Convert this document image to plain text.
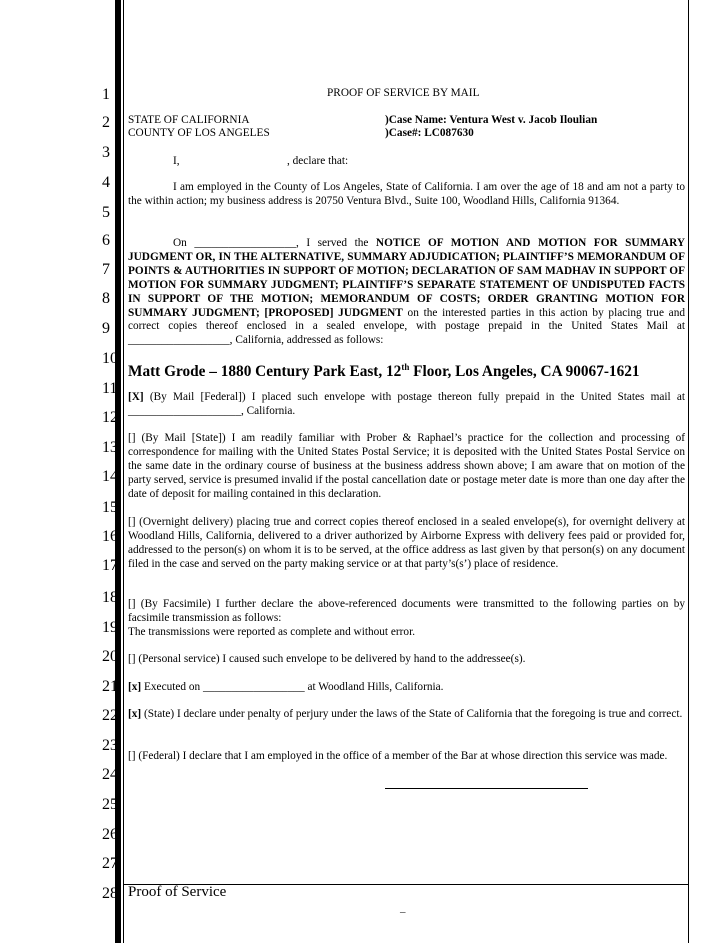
1
2
3
4
5
6
7
8
9
10
11
12
13
14
15
16
17
18
19
20
21
22
23
24
25
26
27
28
PROOF OF SERVICE BY MAIL
STATE OF CALIFORNIA
COUNTY OF LOS ANGELES
)Case Name: Ventura West v. Jacob Iloulian
)Case#: LC087630
I,	, declare that:
I am employed in the County of Los Angeles, State of California. I am over the age of 18 and am not a party to the within action; my business address is 20750 Ventura Blvd., Suite 100, Woodland Hills, California 91364.
On __________________, I served the NOTICE OF MOTION AND MOTION FOR SUMMARY JUDGMENT OR, IN THE ALTERNATIVE, SUMMARY ADJUDICATION; PLAINTIFF’S MEMORANDUM OF POINTS & AUTHORITIES IN SUPPORT OF MOTION; DECLARATION OF SAM MADHAV IN SUPPORT OF MOTION FOR SUMMARY JUDGMENT; PLAINTIFF’S SEPARATE STATEMENT OF UNDISPUTED FACTS IN SUPPORT OF THE MOTION; MEMORANDUM OF COSTS; ORDER GRANTING MOTION FOR SUMMARY JUDGMENT; [PROPOSED] JUDGMENT on the interested parties in this action by placing true and correct copies thereof enclosed in a sealed envelope, with postage prepaid in the United States Mail at __________________, California, addressed as follows:
Matt Grode – 1880 Century Park East, 12th Floor, Los Angeles, CA 90067-1621
[X] (By Mail [Federal]) I placed such envelope with postage thereon fully prepaid in the United States mail at ____________________, California.
[] (By Mail [State]) I am readily familiar with Prober & Raphael’s practice for the collection and processing of correspondence for mailing with the United States Postal Service; it is deposited with the United States Postal Service on the same date in the ordinary course of business at the business address shown above; I am aware that on motion of the party served, service is presumed invalid if the postal cancellation date or postage meter date is more than one day after the date of deposit for mailing contained in this declaration.
[] (Overnight delivery) placing true and correct copies thereof enclosed in a sealed envelope(s), for overnight delivery at Woodland Hills, California, delivered to a driver authorized by Airborne Express with delivery fees paid or provided for, addressed to the person(s) on whom it is to be served, at the office address as last given by that person(s) on any document filed in the case and served on the party making service or at that party’s(s’) place of residence.
[] (By Facsimile) I further declare the above-referenced documents were transmitted to the following parties on by facsimile transmission as follows:
The transmissions were reported as complete and without error.
[] (Personal service) I caused such envelope to be delivered by hand to the addressee(s).
[x] Executed on __________________ at Woodland Hills, California.
[x] (State) I declare under penalty of perjury under the laws of the State of California that the foregoing is true and correct.
[] (Federal) I declare that I am employed in the office of a member of the Bar at whose direction this service was made.
Proof of Service
–
